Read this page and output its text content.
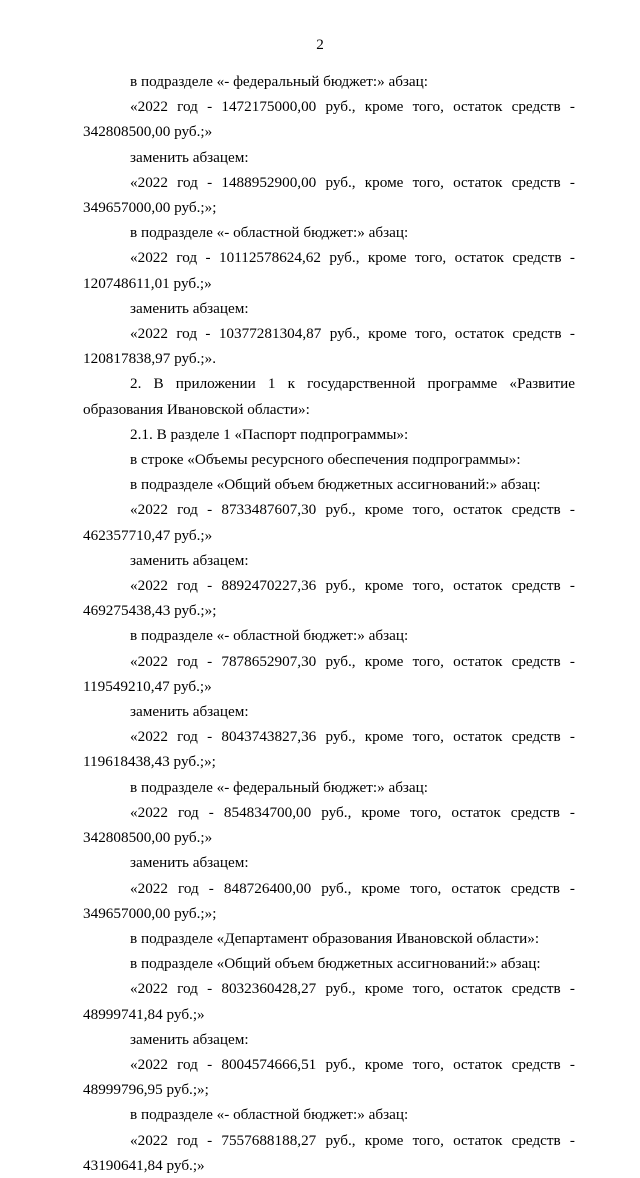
2
в подразделе «- федеральный бюджет:» абзац:
«2022 год - 1472175000,00 руб., кроме того, остаток средств -
342808500,00 руб.;»
заменить абзацем:
«2022 год - 1488952900,00 руб., кроме того, остаток средств -
349657000,00 руб.;»;
в подразделе «- областной бюджет:» абзац:
«2022 год - 10112578624,62 руб., кроме того, остаток средств -
120748611,01 руб.;»
заменить абзацем:
«2022 год - 10377281304,87 руб., кроме того, остаток средств -
120817838,97 руб.;».
2. В приложении 1 к государственной программе «Развитие
образования Ивановской области»:
2.1. В разделе 1 «Паспорт подпрограммы»:
в строке «Объемы ресурсного обеспечения подпрограммы»:
в подразделе «Общий объем бюджетных ассигнований:» абзац:
«2022 год - 8733487607,30 руб., кроме того, остаток средств -
462357710,47 руб.;»
заменить абзацем:
«2022 год - 8892470227,36 руб., кроме того, остаток средств -
469275438,43 руб.;»;
в подразделе «- областной бюджет:» абзац:
«2022 год - 7878652907,30 руб., кроме того, остаток средств -
119549210,47 руб.;»
заменить абзацем:
«2022 год - 8043743827,36 руб., кроме того, остаток средств -
119618438,43 руб.;»;
в подразделе «- федеральный бюджет:» абзац:
«2022 год - 854834700,00 руб., кроме того, остаток средств -
342808500,00 руб.;»
заменить абзацем:
«2022 год - 848726400,00 руб., кроме того, остаток средств -
349657000,00 руб.;»;
в подразделе «Департамент образования Ивановской области»:
в подразделе «Общий объем бюджетных ассигнований:» абзац:
«2022 год - 8032360428,27 руб., кроме того, остаток средств -
48999741,84 руб.;»
заменить абзацем:
«2022 год - 8004574666,51 руб., кроме того, остаток средств -
48999796,95 руб.;»;
в подразделе «- областной бюджет:» абзац:
«2022 год - 7557688188,27 руб., кроме того, остаток средств -
43190641,84 руб.;»
